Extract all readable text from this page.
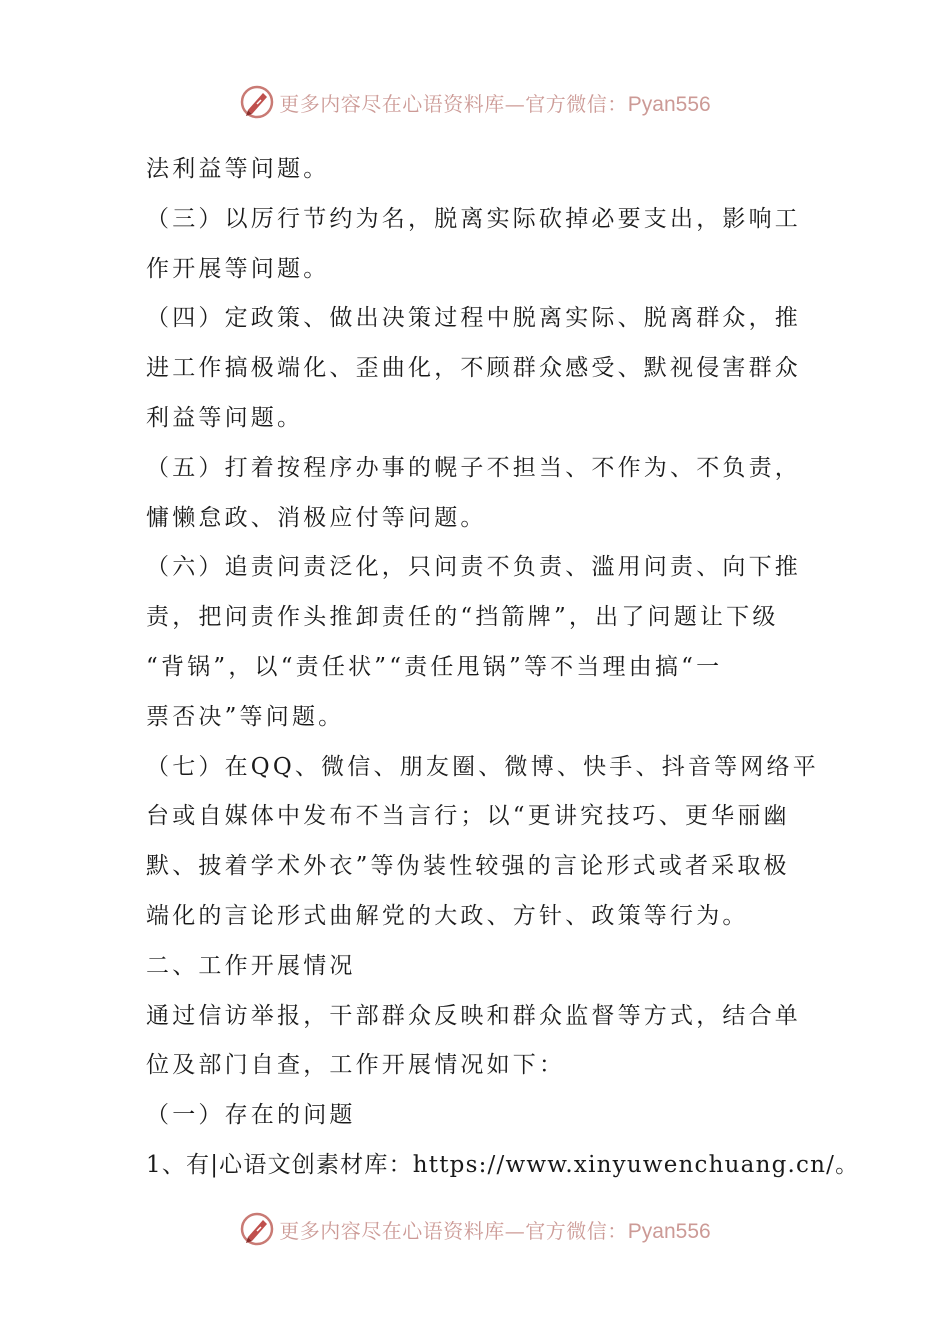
更多内容尽在心语资料库—官方微信：Pyan556
法利益等问题。
（三）以厉行节约为名，脱离实际砍掉必要支出，影响工
作开展等问题。
（四）定政策、做出决策过程中脱离实际、脱离群众，推
进工作搞极端化、歪曲化，不顾群众感受、默视侵害群众
利益等问题。
（五）打着按程序办事的幌子不担当、不作为、不负责，
慵懒怠政、消极应付等问题。
（六）追责问责泛化，只问责不负责、滥用问责、向下推
责，把问责作头推卸责任的“挡箭牌”，出了问题让下级
“背锅”，以“责任状”“责任甩锅”等不当理由搞“一
票否决”等问题。
（七）在QQ、微信、朋友圈、微博、快手、抖音等网络平
台或自媒体中发布不当言行；以“更讲究技巧、更华丽幽
默、披着学术外衣”等伪装性较强的言论形式或者采取极
端化的言论形式曲解党的大政、方针、政策等行为。
二、工作开展情况
通过信访举报，干部群众反映和群众监督等方式，结合单
位及部门自查，工作开展情况如下：
（一）存在的问题
1、有|心语文创素材库：https://www.xinyuwenchuang.cn/。
更多内容尽在心语资料库—官方微信：Pyan556
